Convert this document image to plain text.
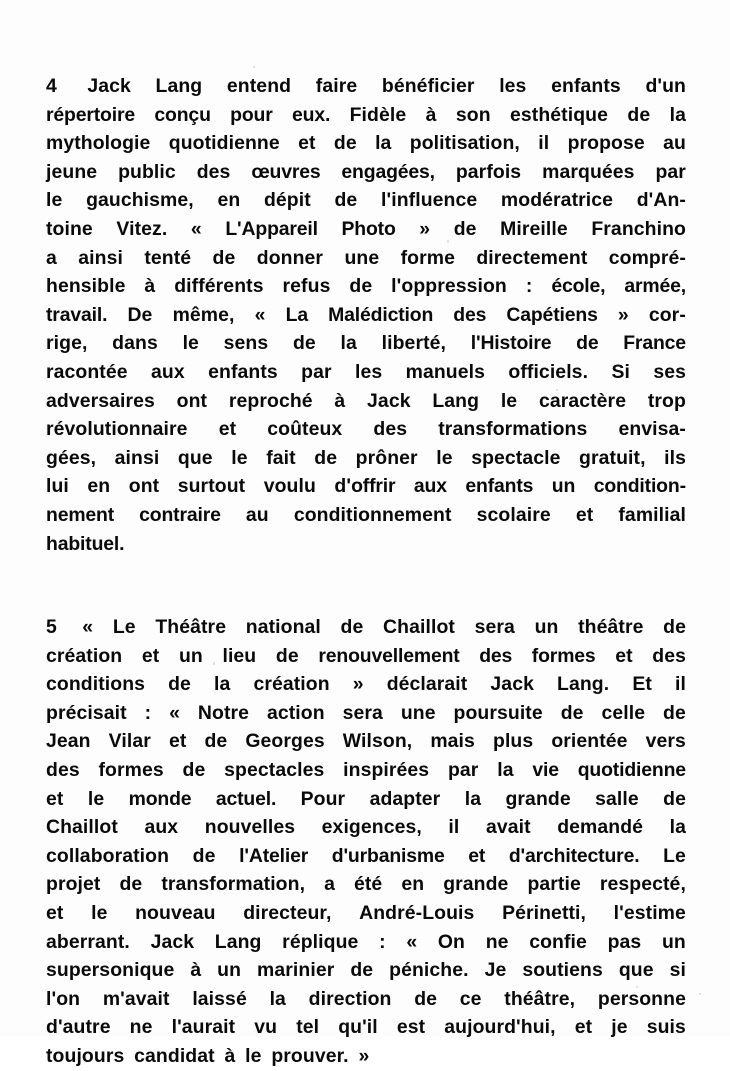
4 Jack Lang entend faire bénéficier les enfants d'un
répertoire conçu pour eux. Fidèle à son esthétique de la
mythologie quotidienne et de la politisation, il propose au
jeune public des œuvres engagées, parfois marquées par
le gauchisme, en dépit de l'influence modératrice d'An-
toine Vitez. « L'Appareil Photo » de Mireille Franchino
a ainsi tenté de donner une forme directement compré-
hensible à différents refus de l'oppression : école, armée,
travail. De même, « La Malédiction des Capétiens » cor-
rige, dans le sens de la liberté, l'Histoire de France
racontée aux enfants par les manuels officiels. Si ses
adversaires ont reproché à Jack Lang le caractère trop
révolutionnaire et coûteux des transformations envisa-
gées, ainsi que le fait de prôner le spectacle gratuit, ils
lui en ont surtout voulu d'offrir aux enfants un condition-
nement contraire au conditionnement scolaire et familial
habituel.

5 « Le Théâtre national de Chaillot sera un théâtre de
création et un lieu de renouvellement des formes et des
conditions de la création » déclarait Jack Lang. Et il
précisait : « Notre action sera une poursuite de celle de
Jean Vilar et de Georges Wilson, mais plus orientée vers
des formes de spectacles inspirées par la vie quotidienne
et le monde actuel. Pour adapter la grande salle de
Chaillot aux nouvelles exigences, il avait demandé la
collaboration de l'Atelier d'urbanisme et d'architecture. Le
projet de transformation, a été en grande partie respecté,
et le nouveau directeur, André-Louis Périnetti, l'estime
aberrant. Jack Lang réplique : « On ne confie pas un
supersonique à un marinier de péniche. Je soutiens que si
l'on m'avait laissé la direction de ce théâtre, personne
d'autre ne l'aurait vu tel qu'il est aujourd'hui, et je suis
toujours
  candidat
  à
  le
  prouver.
  »
